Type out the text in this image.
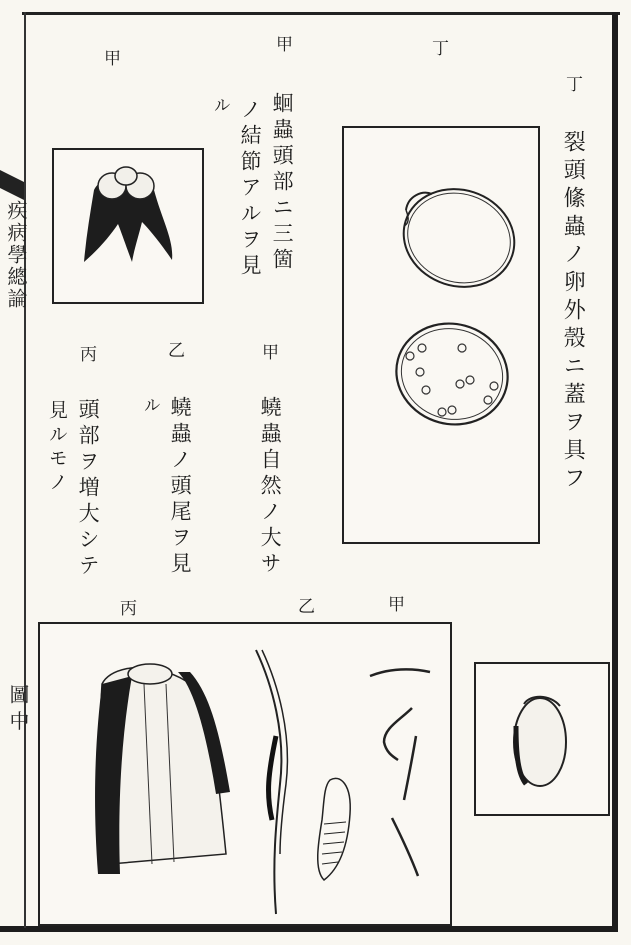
疾病學總論
圖 中
甲
甲	丁
丁
裂頭絛蟲ノ卵外殼ニ蓋ヲ具フ
蛔蟲頭部ニ三箇
ノ結節アルヲ見
ル
甲
乙
丙
蟯蟲自然ノ大サ
蟯蟲ノ頭尾ヲ見
ル
頭部ヲ増大シテ
見ルモノ
甲
乙
丙
